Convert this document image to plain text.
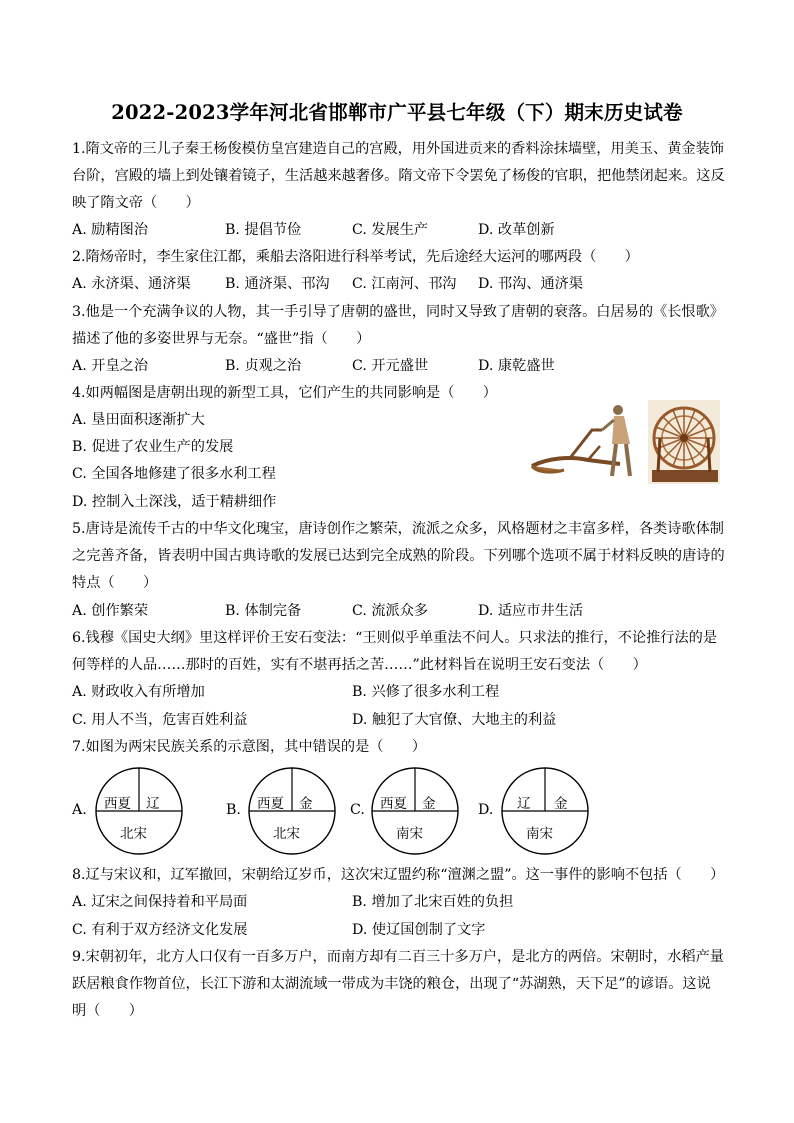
2022-2023学年河北省邯郸市广平县七年级（下）期末历史试卷
1.隋文帝的三儿子秦王杨俊模仿皇宫建造自己的宫殿，用外国进贡来的香料涂抹墙壁，用美玉、黄金装饰
台阶，宫殿的墙上到处镶着镜子，生活越来越奢侈。隋文帝下令罢免了杨俊的官职，把他禁闭起来。这反
映了隋文帝（　　）
A. 励精图治	B. 提倡节俭	C. 发展生产	D. 改革创新
2.隋炀帝时，李生家住江都，乘船去洛阳进行科举考试，先后途经大运河的哪两段（　　）
A. 永济渠、通济渠 B. 通济渠、邗沟 C. 江南河、邗沟 D. 邗沟、通济渠
3.他是一个充满争议的人物，其一手引导了唐朝的盛世，同时又导致了唐朝的衰落。白居易的《长恨歌》
描述了他的多姿世界与无奈。“盛世”指（　　）
A. 开皇之治	B. 贞观之治	C. 开元盛世	D. 康乾盛世
4.如两幅图是唐朝出现的新型工具，它们产生的共同影响是（　　）
A. 垦田面积逐渐扩大
B. 促进了农业生产的发展
C. 全国各地修建了很多水利工程
D. 控制入土深浅，适于精耕细作
5.唐诗是流传千古的中华文化瑰宝，唐诗创作之繁荣，流派之众多，风格题材之丰富多样，各类诗歌体制
之完善齐备，皆表明中国古典诗歌的发展已达到完全成熟的阶段。下列哪个选项不属于材料反映的唐诗的
特点（　　）
A. 创作繁荣	B. 体制完备	C. 流派众多	D. 适应市井生活
6.钱穆《国史大纲》里这样评价王安石变法：“王则似乎单重法不问人。只求法的推行，不论推行法的是
何等样的人品……那时的百姓，实有不堪再括之苦……”此材料旨在说明王安石变法（　　）
A. 财政收入有所增加	B. 兴修了很多水利工程
C. 用人不当，危害百姓利益	D. 触犯了大官僚、大地主的利益
7.如图为两宋民族关系的示意图，其中错误的是（　　）
A. 西夏 辽
北宋
B. 西夏 金
北宋
C. 西夏 金
南宋
D. 辽 金
南宋
8.辽与宋议和，辽军撤回，宋朝给辽岁币，这次宋辽盟约称“澶渊之盟”。这一事件的影响不包括（　　）
A. 辽宋之间保持着和平局面	B. 增加了北宋百姓的负担
C. 有利于双方经济文化发展	D. 使辽国创制了文字
9.宋朝初年，北方人口仅有一百多万户，而南方却有二百三十多万户，是北方的两倍。宋朝时，水稻产量
跃居粮食作物首位，长江下游和太湖流域一带成为丰饶的粮仓，出现了“苏湖熟，天下足”的谚语。这说
明（　　）
